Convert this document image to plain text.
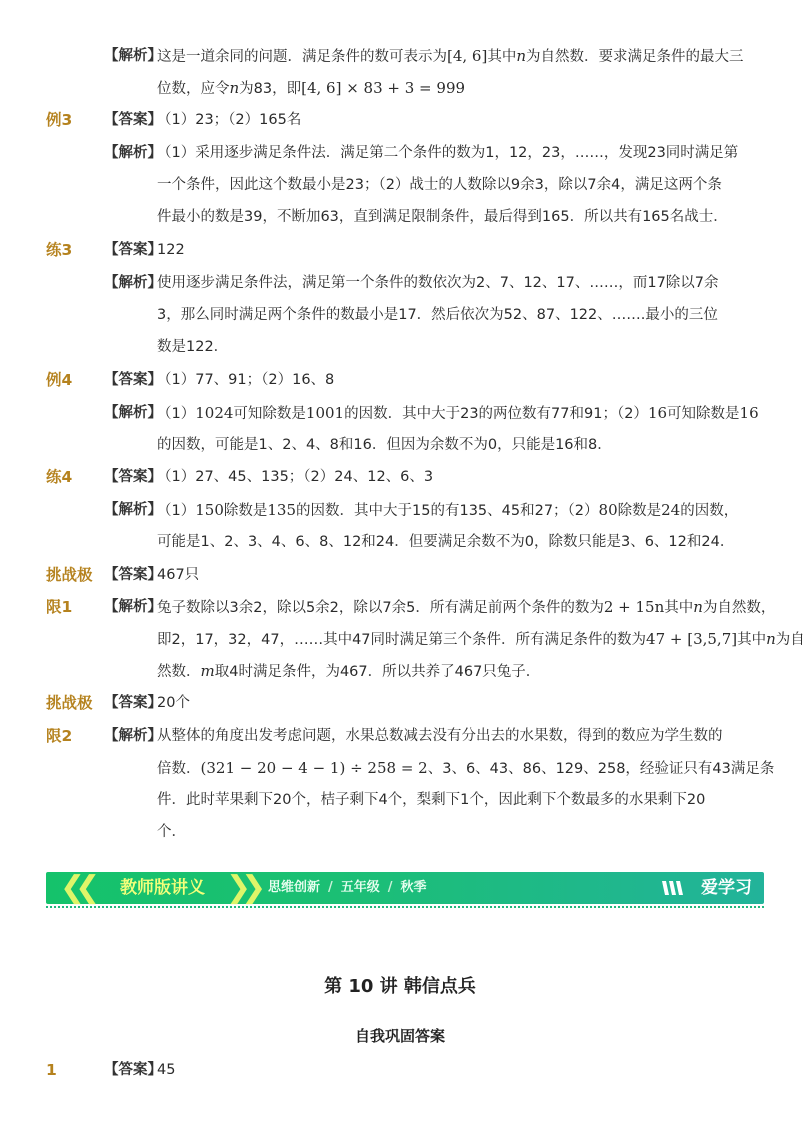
【解析】
这是一道余同的问题．满足条件的数可表示为[4, 6]其中n为自然数．要求满足条件的最大三
位数，应令n为83，即[4, 6] × 83 + 3 = 999
例3 【答案】
（1）23；（2）165名
【解析】
（1）采用逐步满足条件法．满足第二个条件的数为1，12，23，……，发现23同时满足第
一个条件，因此这个数最小是23；（2）战士的人数除以9余3，除以7余4，满足这两个条
件最小的数是39，不断加63，直到满足限制条件，最后得到165．所以共有165名战士．
练3 【答案】
122
【解析】
使用逐步满足条件法，满足第一个条件的数依次为2、7、12、17、……，而17除以7余
3，那么同时满足两个条件的数最小是17．然后依次为52、87、122、…….最小的三位
数是122．
例4 【答案】
（1）77、91；（2）16、8
【解析】
（1）1024可知除数是1001的因数．其中大于23的两位数有77和91；（2）16可知除数是16
的因数，可能是1、2、4、8和16．但因为余数不为0，只能是16和8．
练4 【答案】
（1）27、45、135；（2）24、12、6、3
【解析】
（1）150除数是135的因数．其中大于15的有135、45和27；（2）80除数是24的因数，
可能是1、2、3、4、6、8、12和24．但要满足余数不为0，除数只能是3、6、12和24．
挑战极
限1
【答案】
467只
【解析】
兔子数除以3余2，除以5余2，除以7余5．所有满足前两个条件的数为2 + 15n其中n为自然数，
即2，17，32，47，……其中47同时满足第三个条件．所有满足条件的数为47 + [3,5,7]其中n为自
然数．m取4时满足条件，为467．所以共养了467只兔子．
挑战极
限2
【答案】
20个
【解析】
从整体的角度出发考虑问题，水果总数减去没有分出去的水果数，得到的数应为学生数的
倍数．(321 − 20 − 4 − 1) ÷ 258 = 2、3、6、43、86、129、258，经验证只有43满足条
件．此时苹果剩下20个，桔子剩下4个，梨剩下1个，因此剩下个数最多的水果剩下20
个．
❮❮ 教师版讲义 ❯❯ 思维创新 / 五年级 / 秋季	爱学习
第 10 讲 韩信点兵
自我巩固答案
1	【答案】
45
